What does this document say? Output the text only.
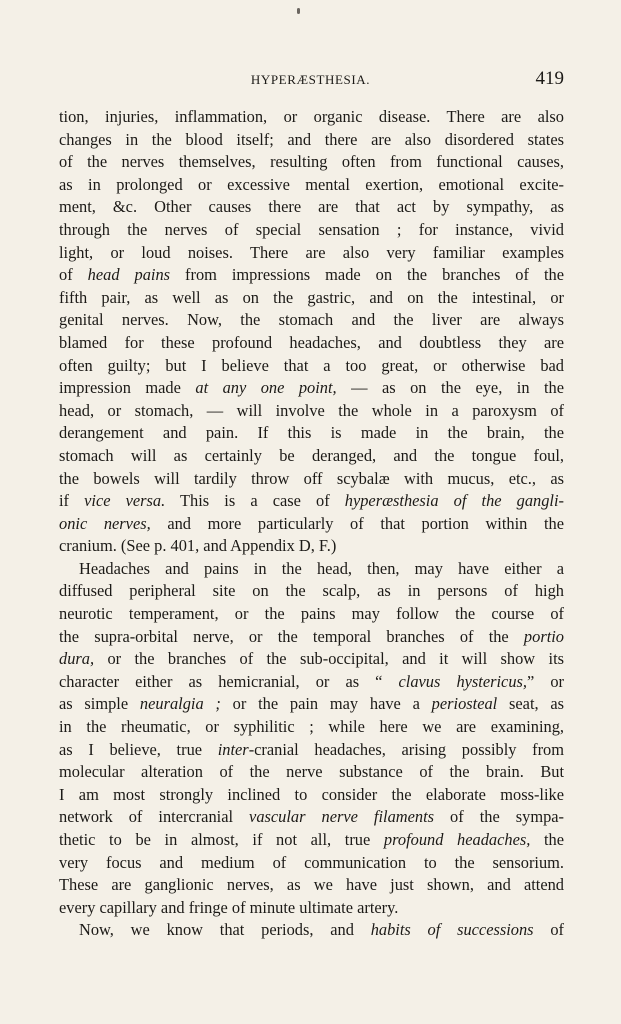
HYPERÆSTHESIA.	419
tion, injuries, inflammation, or organic disease. There are also
changes in the blood itself; and there are also disordered states
of the nerves themselves, resulting often from functional causes,
as in prolonged or excessive mental exertion, emotional excite-
ment, &c. Other causes there are that act by sympathy, as
through the nerves of special sensation ; for instance, vivid
light, or loud noises. There are also very familiar examples
of head pains from impressions made on the branches of the
fifth pair, as well as on the gastric, and on the intestinal, or
genital nerves. Now, the stomach and the liver are always
blamed for these profound headaches, and doubtless they are
often guilty; but I believe that a too great, or otherwise bad
impression made at any one point, — as on the eye, in the
head, or stomach, — will involve the whole in a paroxysm of
derangement and pain. If this is made in the brain, the
stomach will as certainly be deranged, and the tongue foul,
the bowels will tardily throw off scybalæ with mucus, etc., as
if vice versa. This is a case of hyperæsthesia of the gangli-
onic nerves, and more particularly of that portion within the
cranium. (See p. 401, and Appendix D, F.)
Headaches and pains in the head, then, may have either a
diffused peripheral site on the scalp, as in persons of high
neurotic temperament, or the pains may follow the course of
the supra-orbital nerve, or the temporal branches of the portio
dura, or the branches of the sub-occipital, and it will show its
character either as hemicranial, or as “ clavus hystericus,” or
as simple neuralgia ; or the pain may have a periosteal seat, as
in the rheumatic, or syphilitic ; while here we are examining,
as I believe, true inter-cranial headaches, arising possibly from
molecular alteration of the nerve substance of the brain. But
I am most strongly inclined to consider the elaborate moss-like
network of intercranial vascular nerve filaments of the sympa-
thetic to be in almost, if not all, true profound headaches, the
very focus and medium of communication to the sensorium.
These are ganglionic nerves, as we have just shown, and attend
every capillary and fringe of minute ultimate artery.
Now, we know that periods, and habits of successions of
